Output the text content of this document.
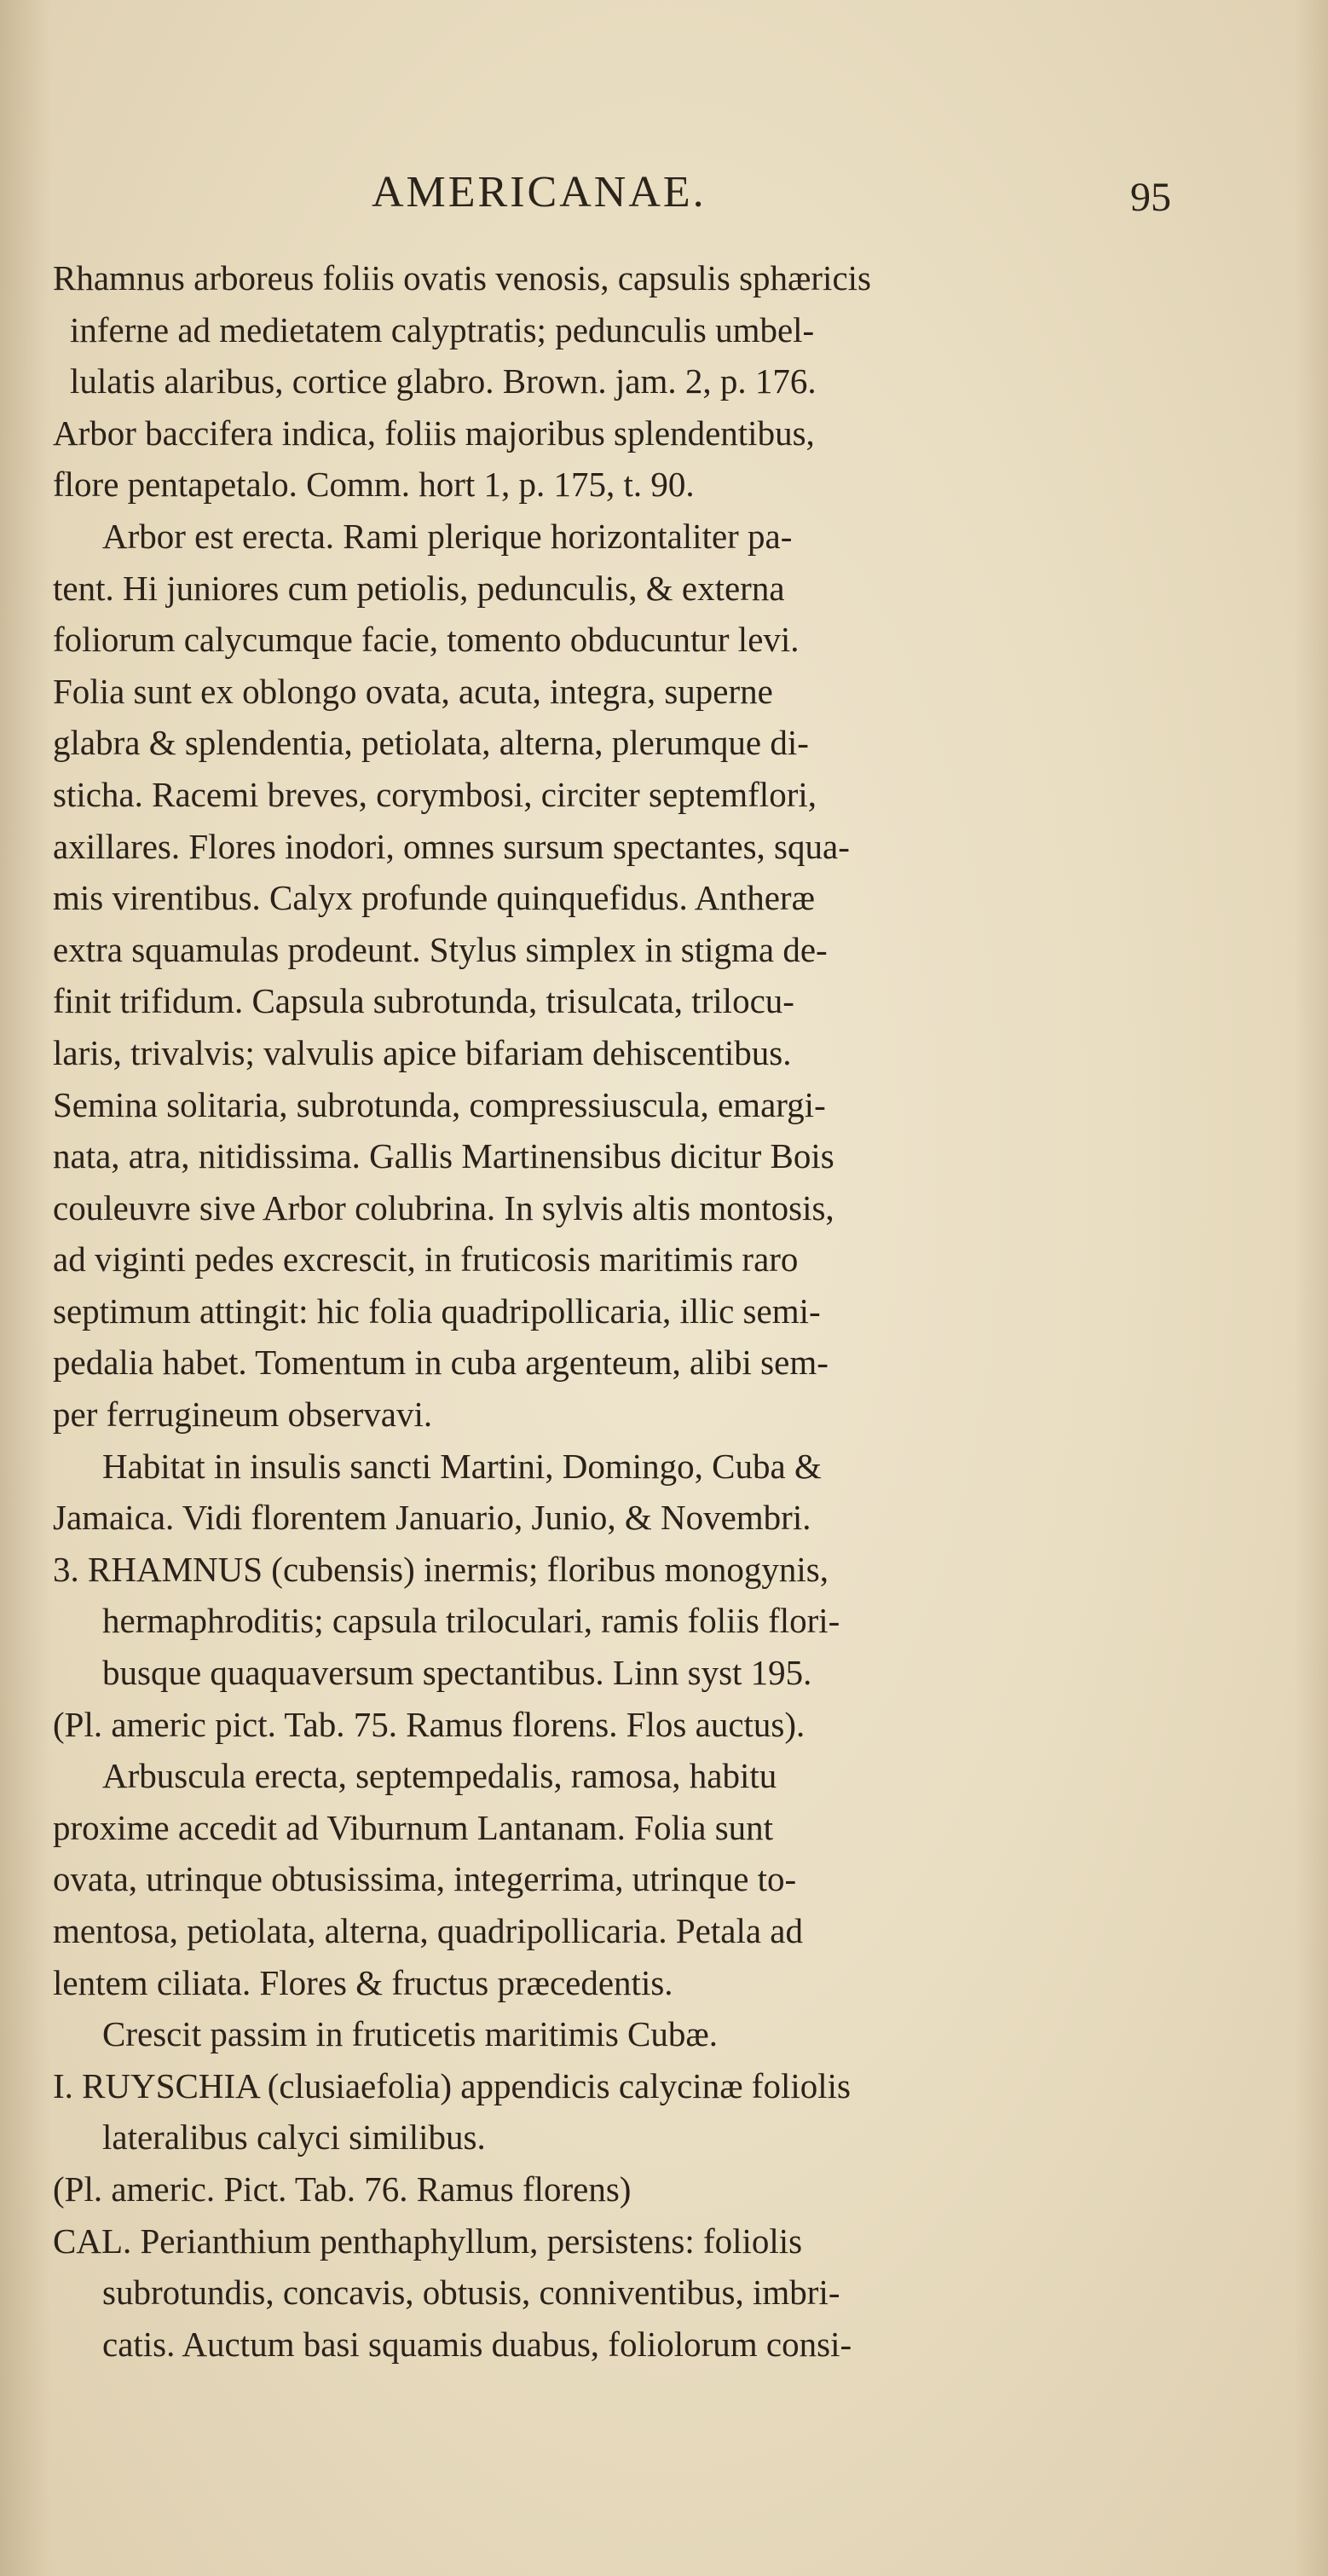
AMERICANAE.	95
Rhamnus arboreus foliis ovatis venosis, capsulis sphæricis
inferne ad medietatem calyptratis; pedunculis umbel-
lulatis alaribus, cortice glabro. Brown. jam. 2, p. 176.
Arbor baccifera indica, foliis majoribus splendentibus,
flore pentapetalo. Comm. hort 1, p. 175, t. 90.
Arbor est erecta. Rami plerique horizontaliter pa-
tent. Hi juniores cum petiolis, pedunculis, & externa
foliorum calycumque facie, tomento obducuntur levi.
Folia sunt ex oblongo ovata, acuta, integra, superne
glabra & splendentia, petiolata, alterna, plerumque di-
sticha. Racemi breves, corymbosi, circiter septemflori,
axillares. Flores inodori, omnes sursum spectantes, squa-
mis virentibus. Calyx profunde quinquefidus. Antheræ
extra squamulas prodeunt. Stylus simplex in stigma de-
finit trifidum. Capsula subrotunda, trisulcata, trilocu-
laris, trivalvis; valvulis apice bifariam dehiscentibus.
Semina solitaria, subrotunda, compressiuscula, emargi-
nata, atra, nitidissima. Gallis Martinensibus dicitur Bois
couleuvre sive Arbor colubrina. In sylvis altis montosis,
ad viginti pedes excrescit, in fruticosis maritimis raro
septimum attingit: hic folia quadripollicaria, illic semi-
pedalia habet. Tomentum in cuba argenteum, alibi sem-
per ferrugineum observavi.
Habitat in insulis sancti Martini, Domingo, Cuba &
Jamaica. Vidi florentem Januario, Junio, & Novembri.
3. RHAMNUS (cubensis) inermis; floribus monogynis,
hermaphroditis; capsula triloculari, ramis foliis flori-
busque quaquaversum spectantibus. Linn syst 195.
(Pl. americ pict. Tab. 75. Ramus florens. Flos auctus).
Arbuscula erecta, septempedalis, ramosa, habitu
proxime accedit ad Viburnum Lantanam. Folia sunt
ovata, utrinque obtusissima, integerrima, utrinque to-
mentosa, petiolata, alterna, quadripollicaria. Petala ad
lentem ciliata. Flores & fructus præcedentis.
Crescit passim in fruticetis maritimis Cubæ.
I. RUYSCHIA (clusiaefolia) appendicis calycinæ foliolis
lateralibus calyci similibus.
(Pl. americ. Pict. Tab. 76. Ramus florens)
CAL. Perianthium penthaphyllum, persistens: foliolis
subrotundis, concavis, obtusis, conniventibus, imbri-
catis. Auctum basi squamis duabus, foliolorum consi-
